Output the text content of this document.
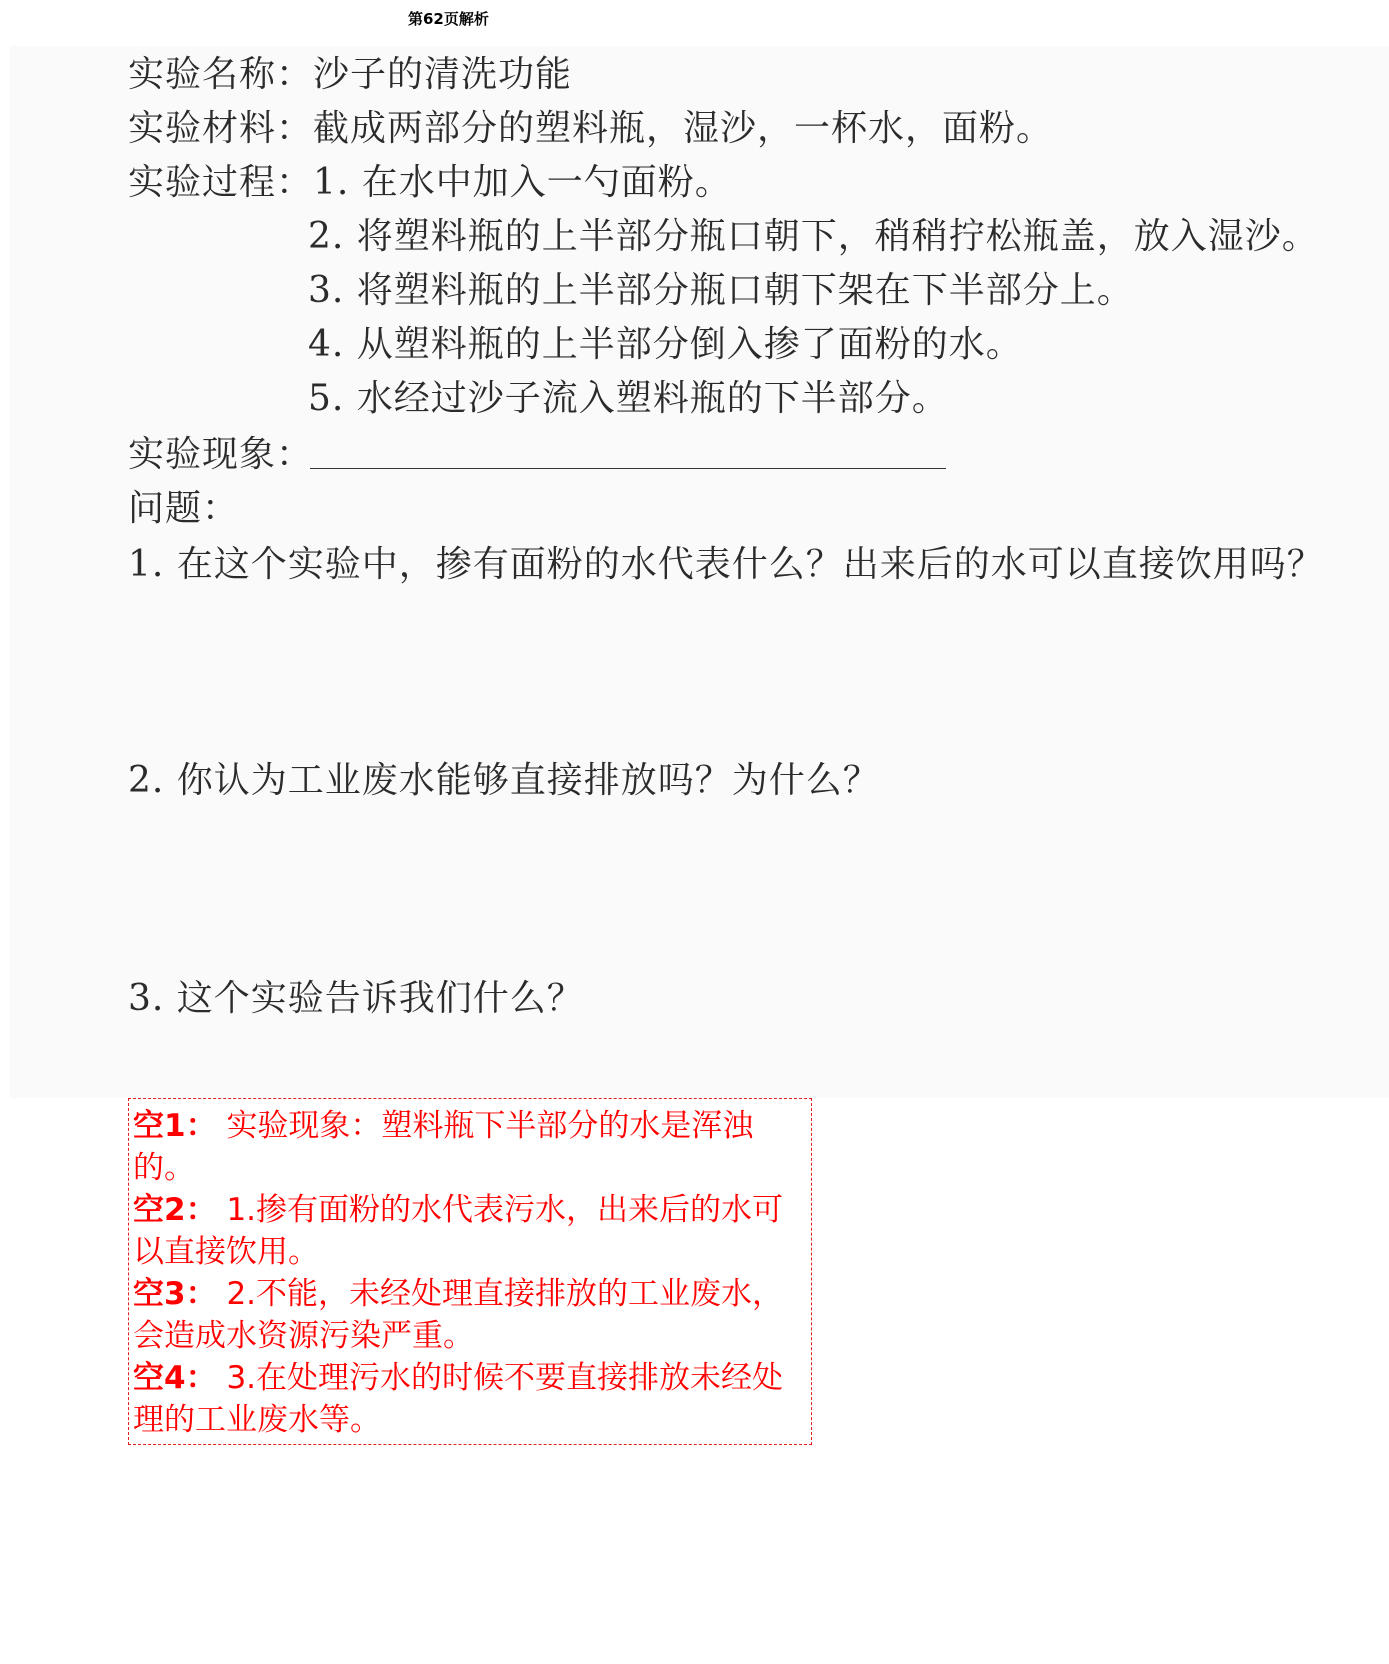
第62页解析
实验名称：沙子的清洗功能
实验材料：截成两部分的塑料瓶，湿沙，一杯水，面粉。
实验过程：1. 在水中加入一勺面粉。
2. 将塑料瓶的上半部分瓶口朝下，稍稍拧松瓶盖，放入湿沙。
3. 将塑料瓶的上半部分瓶口朝下架在下半部分上。
4. 从塑料瓶的上半部分倒入掺了面粉的水。
5. 水经过沙子流入塑料瓶的下半部分。
实验现象：
问题：
1. 在这个实验中，掺有面粉的水代表什么？出来后的水可以直接饮用吗？
2. 你认为工业废水能够直接排放吗？为什么？
3. 这个实验告诉我们什么？
空1： 实验现象：塑料瓶下半部分的水是浑浊的。
空2： 1.掺有面粉的水代表污水，出来后的水可以直接饮用。
空3： 2.不能，未经处理直接排放的工业废水，会造成水资源污染严重。
空4： 3.在处理污水的时候不要直接排放未经处理的工业废水等。
